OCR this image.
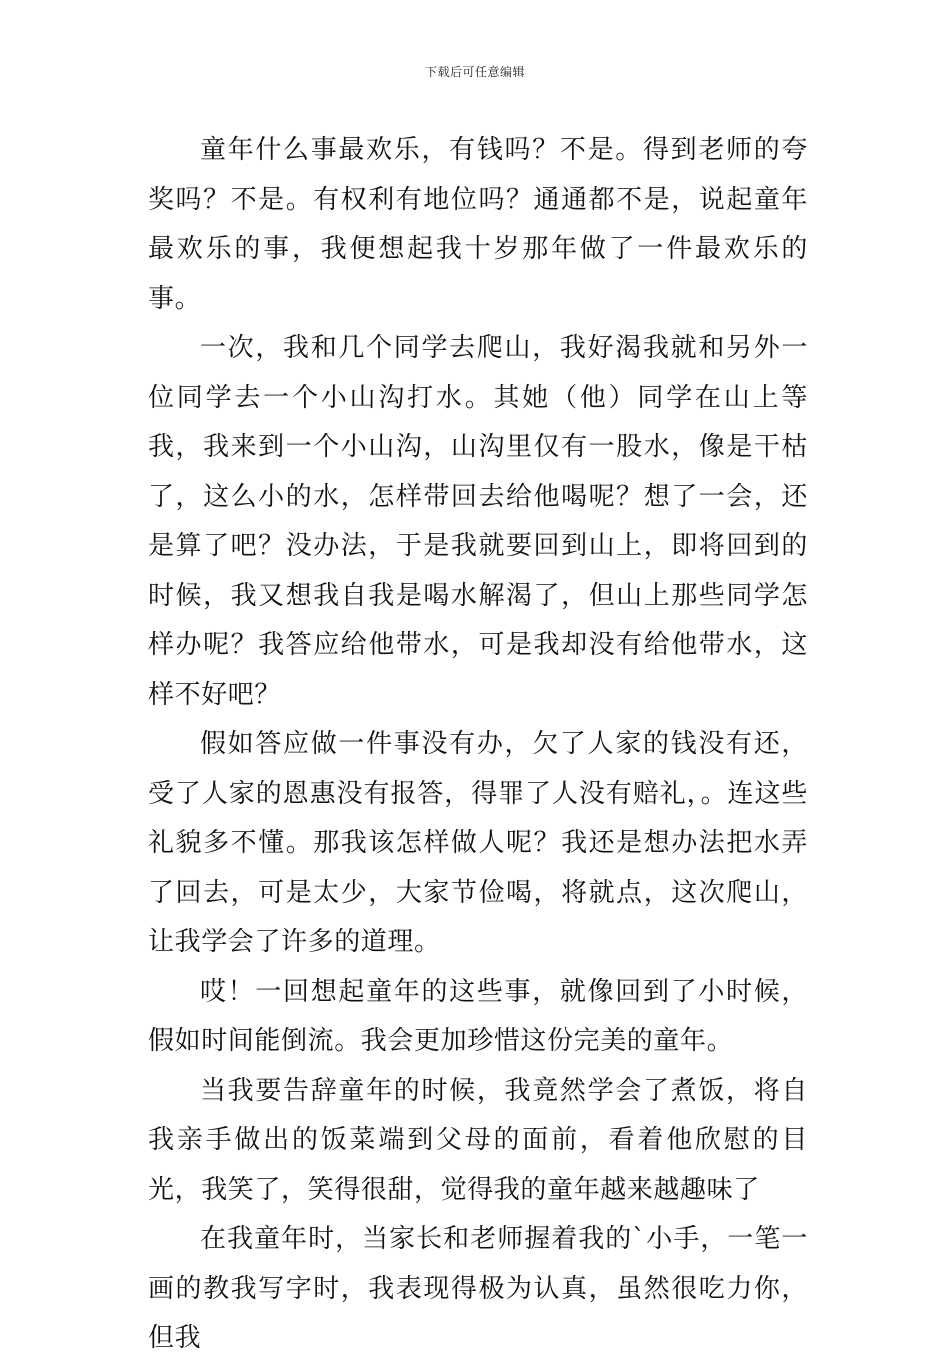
下载后可任意编辑

童年什么事最欢乐，有钱吗？不是。得到老师的夸奖吗？不是。有权利有地位吗？通通都不是，说起童年最欢乐的事，我便想起我十岁那年做了一件最欢乐的事。

一次，我和几个同学去爬山，我好渴我就和另外一位同学去一个小山沟打水。其她（他）同学在山上等我，我来到一个小山沟，山沟里仅有一股水，像是干枯了，这么小的水，怎样带回去给他喝呢？想了一会，还是算了吧？没办法，于是我就要回到山上，即将回到的时候，我又想我自我是喝水解渴了，但山上那些同学怎样办呢？我答应给他带水，可是我却没有给他带水，这样不好吧？

假如答应做一件事没有办，欠了人家的钱没有还，受了人家的恩惠没有报答，得罪了人没有赔礼，。连这些礼貌多不懂。那我该怎样做人呢？我还是想办法把水弄了回去，可是太少，大家节俭喝，将就点，这次爬山，让我学会了许多的道理。

哎！一回想起童年的这些事，就像回到了小时候，假如时间能倒流。我会更加珍惜这份完美的童年。

当我要告辞童年的时候，我竟然学会了煮饭，将自我亲手做出的饭菜端到父母的面前，看着他欣慰的目光，我笑了，笑得很甜，觉得我的童年越来越趣味了

在我童年时，当家长和老师握着我的`小手，一笔一画的教我写字时，我表现得极为认真，虽然很吃力你，但我
